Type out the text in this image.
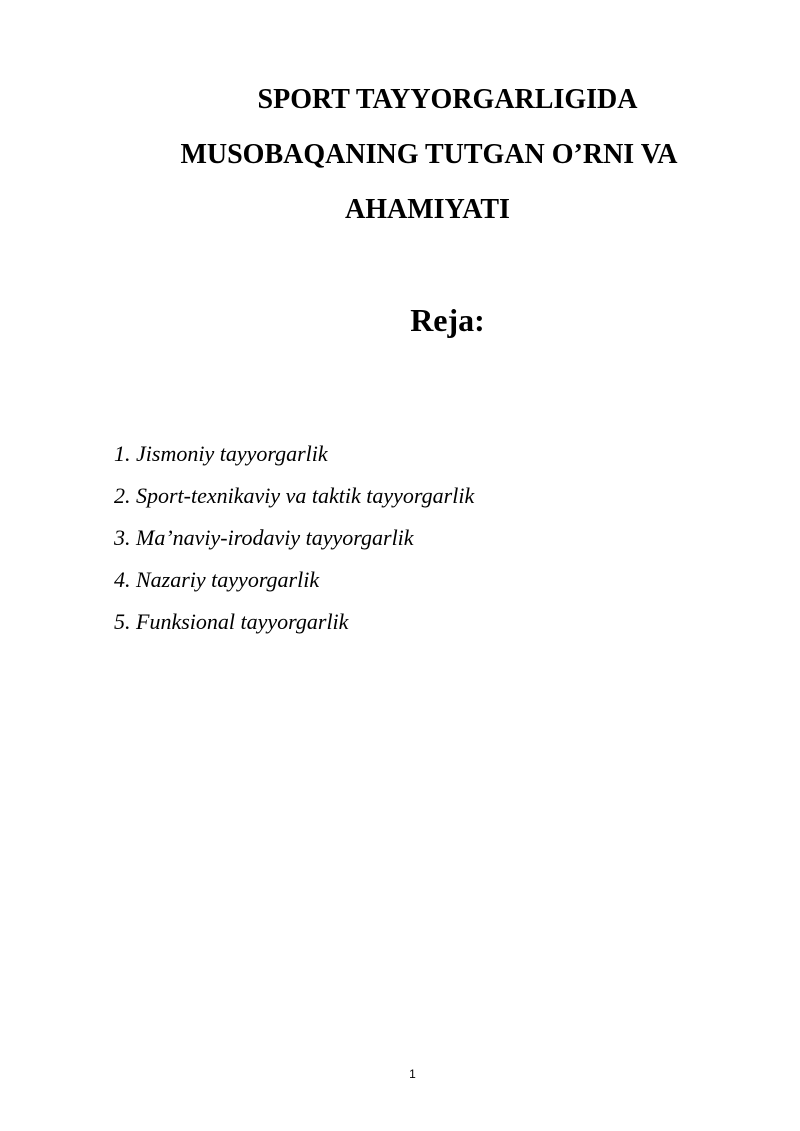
SPORT TAYYORGARLIGIDA
MUSOBAQANING TUTGAN O’RNI VA
AHAMIYATI
Reja:
1. Jismoniy tayyorgarlik
2. Sport-texnikaviy va taktik tayyorgarlik
3. Ma’naviy-irodaviy tayyorgarlik
4. Nazariy tayyorgarlik
5. Funksional tayyorgarlik
1
